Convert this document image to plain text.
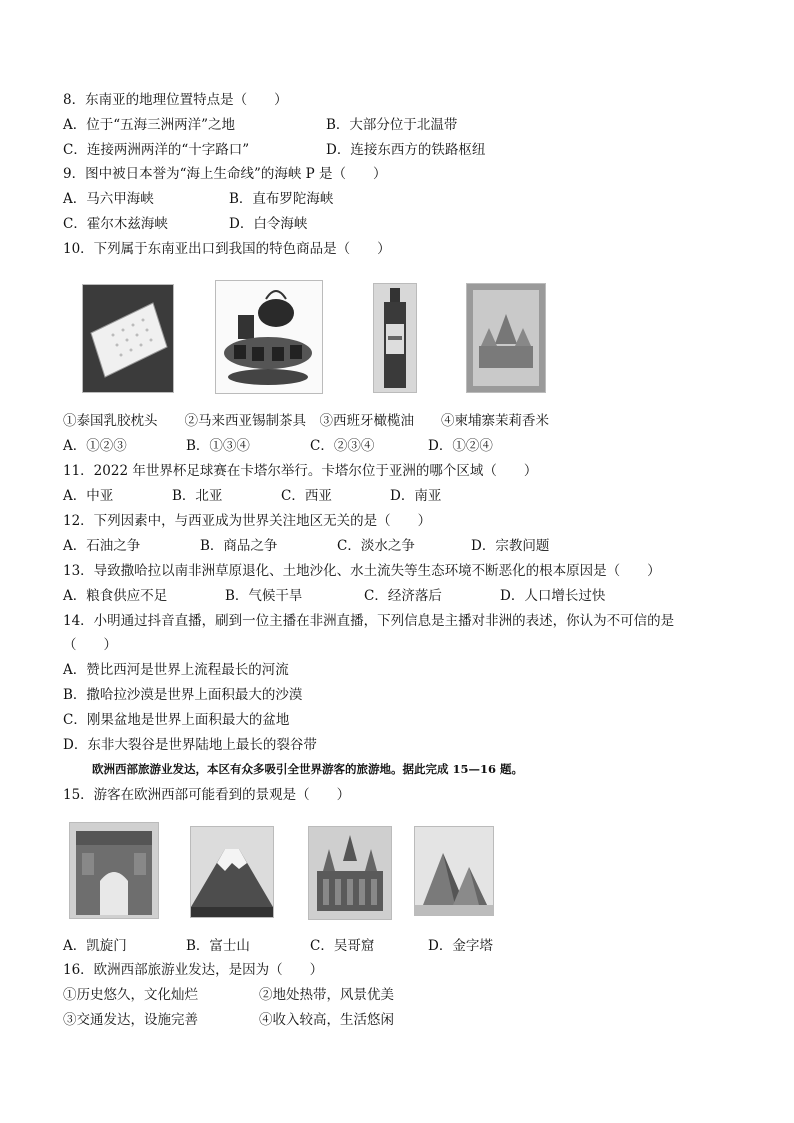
8．东南亚的地理位置特点是（　　）
A．位于“五海三洲两洋”之地	B．大部分位于北温带
C．连接两洲两洋的“十字路口”	D．连接东西方的铁路枢纽
9．图中被日本誉为“海上生命线”的海峡 P 是（　　）
A．马六甲海峡	B．直布罗陀海峡
C．霍尔木兹海峡	D．白令海峡
10．下列属于东南亚出口到我国的特色商品是（　　）
①泰国乳胶枕头　　②马来西亚锡制茶具　③西班牙橄榄油　　④柬埔寨茉莉香米
A．①②③	B．①③④	C．②③④	D．①②④
11．2022 年世界杯足球赛在卡塔尔举行。卡塔尔位于亚洲的哪个区域（　　）
A．中亚	B．北亚	C．西亚	D．南亚
12．下列因素中，与西亚成为世界关注地区无关的是（　　）
A．石油之争	B．商品之争	C．淡水之争	D．宗教问题
13．导致撒哈拉以南非洲草原退化、土地沙化、水土流失等生态环境不断恶化的根本原因是（　　）
A．粮食供应不足	B．气候干旱	C．经济落后	D．人口增长过快
14．小明通过抖音直播，刷到一位主播在非洲直播，下列信息是主播对非洲的表述，你认为不可信的是
（　　）
A．赞比西河是世界上流程最长的河流
B．撒哈拉沙漠是世界上面积最大的沙漠
C．刚果盆地是世界上面积最大的盆地
D．东非大裂谷是世界陆地上最长的裂谷带
欧洲西部旅游业发达，本区有众多吸引全世界游客的旅游地。据此完成 15—16 题。
15．游客在欧洲西部可能看到的景观是（　　）
A．凯旋门	B．富士山	C．吴哥窟	D．金字塔
16．欧洲西部旅游业发达，是因为（　　）
①历史悠久，文化灿烂	②地处热带，风景优美
③交通发达，设施完善	④收入较高，生活悠闲
